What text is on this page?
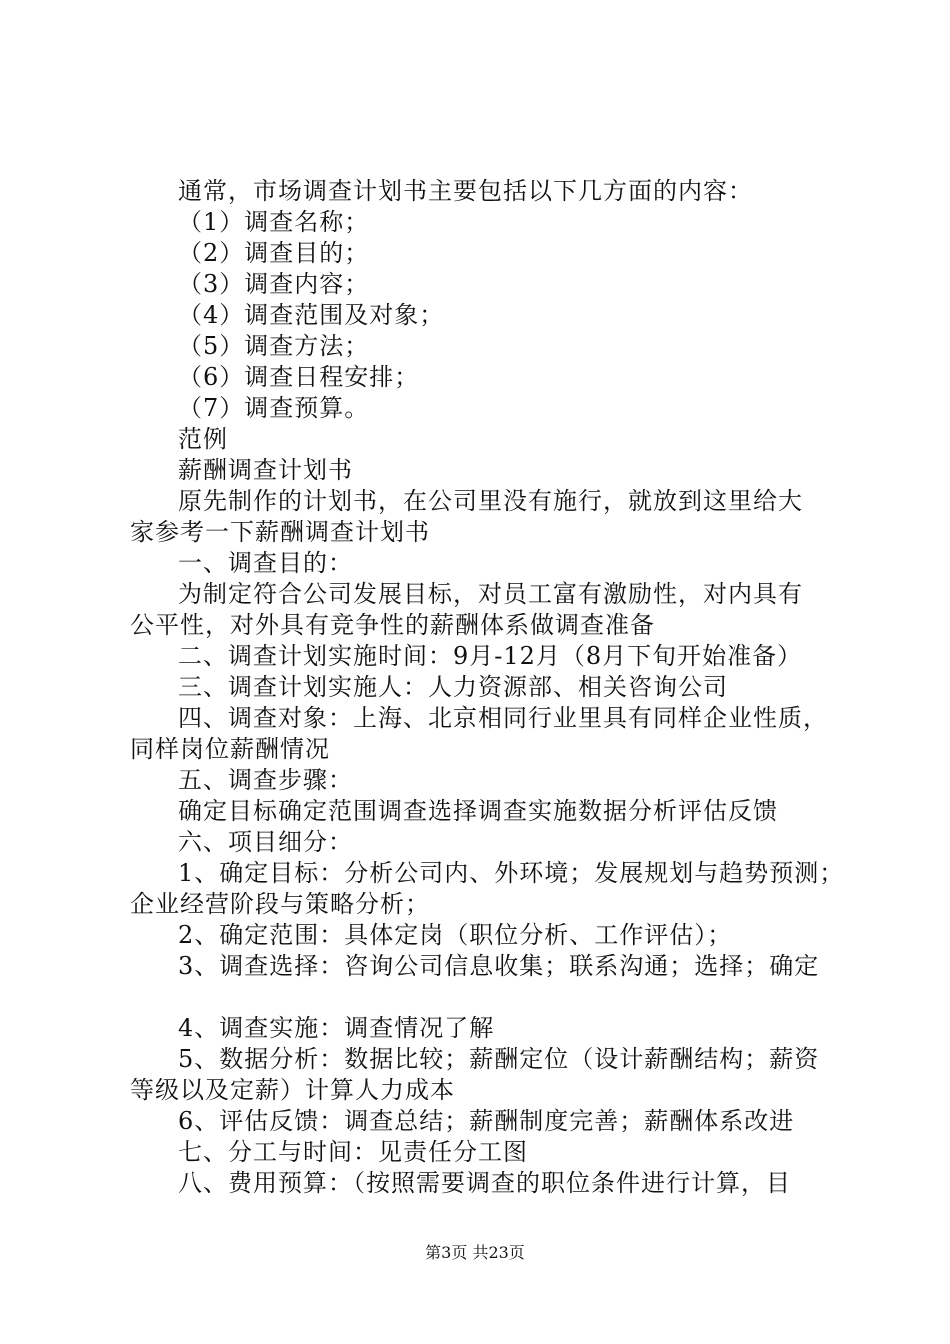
通常，市场调查计划书主要包括以下几方面的内容：
（1）调查名称；
（2）调查目的；
（3）调查内容；
（4）调查范围及对象；
（5）调查方法；
（6）调查日程安排；
（7）调查预算。
范例
薪酬调查计划书
原先制作的计划书，在公司里没有施行，就放到这里给大
家参考一下薪酬调查计划书
一、调查目的：
为制定符合公司发展目标，对员工富有激励性，对内具有
公平性，对外具有竞争性的薪酬体系做调查准备
二、调查计划实施时间：9月-12月（8月下旬开始准备）
三、调查计划实施人：人力资源部、相关咨询公司
四、调查对象：上海、北京相同行业里具有同样企业性质，
同样岗位薪酬情况
五、调查步骤：
确定目标确定范围调查选择调查实施数据分析评估反馈
六、项目细分：
1、确定目标：分析公司内、外环境；发展规划与趋势预测；
企业经营阶段与策略分析；
2、确定范围：具体定岗（职位分析、工作评估）；
3、调查选择：咨询公司信息收集；联系沟通；选择；确定
4、调查实施：调查情况了解
5、数据分析：数据比较；薪酬定位（设计薪酬结构；薪资
等级以及定薪）计算人力成本
6、评估反馈：调查总结；薪酬制度完善；薪酬体系改进
七、分工与时间：见责任分工图
八、费用预算：（按照需要调查的职位条件进行计算，目
第3页 共23页
